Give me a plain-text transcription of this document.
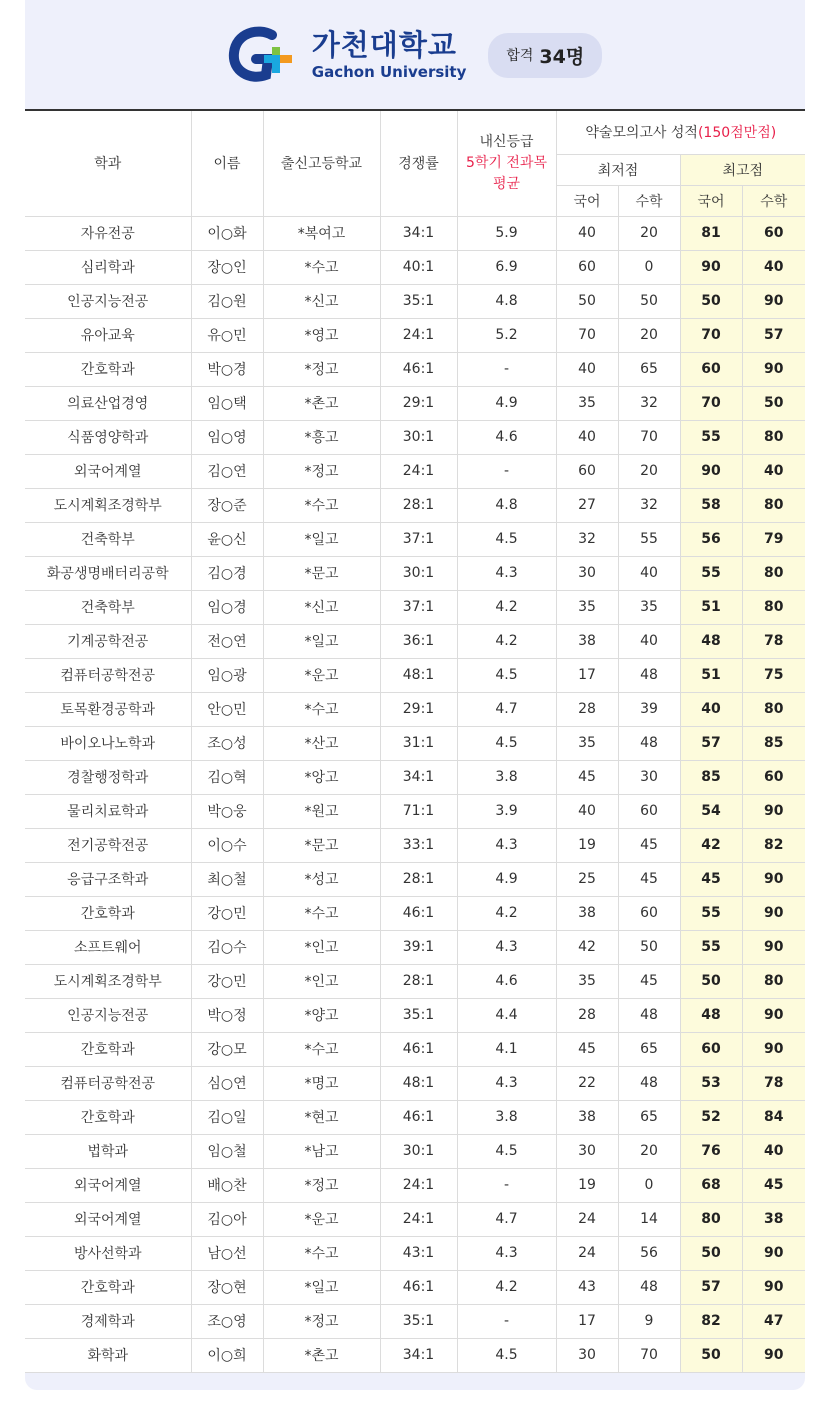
가천대학교
Gachon University
합격 34명
학과	이름	출신고등학교	경쟁률	내신등급
5학기 전과목
평균	약술모의고사 성적(150점만점)			
					최저점		최고점	
					국어	수학	국어	수학
자유전공	이○화	*복여고	34:1	5.9	40	20	81	60
심리학과	장○인	*수고	40:1	6.9	60	0	90	40
인공지능전공	김○원	*신고	35:1	4.8	50	50	50	90
유아교육	유○민	*영고	24:1	5.2	70	20	70	57
간호학과	박○경	*정고	46:1	-	40	65	60	90
의료산업경영	임○택	*촌고	29:1	4.9	35	32	70	50
식품영양학과	임○영	*흥고	30:1	4.6	40	70	55	80
외국어계열	김○연	*정고	24:1	-	60	20	90	40
도시계획조경학부	장○준	*수고	28:1	4.8	27	32	58	80
건축학부	윤○신	*일고	37:1	4.5	32	55	56	79
화공생명배터리공학	김○경	*문고	30:1	4.3	30	40	55	80
건축학부	임○경	*신고	37:1	4.2	35	35	51	80
기계공학전공	전○연	*일고	36:1	4.2	38	40	48	78
컴퓨터공학전공	임○광	*운고	48:1	4.5	17	48	51	75
토목환경공학과	안○민	*수고	29:1	4.7	28	39	40	80
바이오나노학과	조○성	*산고	31:1	4.5	35	48	57	85
경찰행정학과	김○혁	*앙고	34:1	3.8	45	30	85	60
물리치료학과	박○웅	*원고	71:1	3.9	40	60	54	90
전기공학전공	이○수	*문고	33:1	4.3	19	45	42	82
응급구조학과	최○철	*성고	28:1	4.9	25	45	45	90
간호학과	강○민	*수고	46:1	4.2	38	60	55	90
소프트웨어	김○수	*인고	39:1	4.3	42	50	55	90
도시계획조경학부	강○민	*인고	28:1	4.6	35	45	50	80
인공지능전공	박○정	*양고	35:1	4.4	28	48	48	90
간호학과	강○모	*수고	46:1	4.1	45	65	60	90
컴퓨터공학전공	심○연	*명고	48:1	4.3	22	48	53	78
간호학과	김○일	*현고	46:1	3.8	38	65	52	84
법학과	임○철	*남고	30:1	4.5	30	20	76	40
외국어계열	배○찬	*정고	24:1	-	19	0	68	45
외국어계열	김○아	*운고	24:1	4.7	24	14	80	38
방사선학과	남○선	*수고	43:1	4.3	24	56	50	90
간호학과	장○현	*일고	46:1	4.2	43	48	57	90
경제학과	조○영	*정고	35:1	-	17	9	82	47
화학과	이○희	*촌고	34:1	4.5	30	70	50	90
